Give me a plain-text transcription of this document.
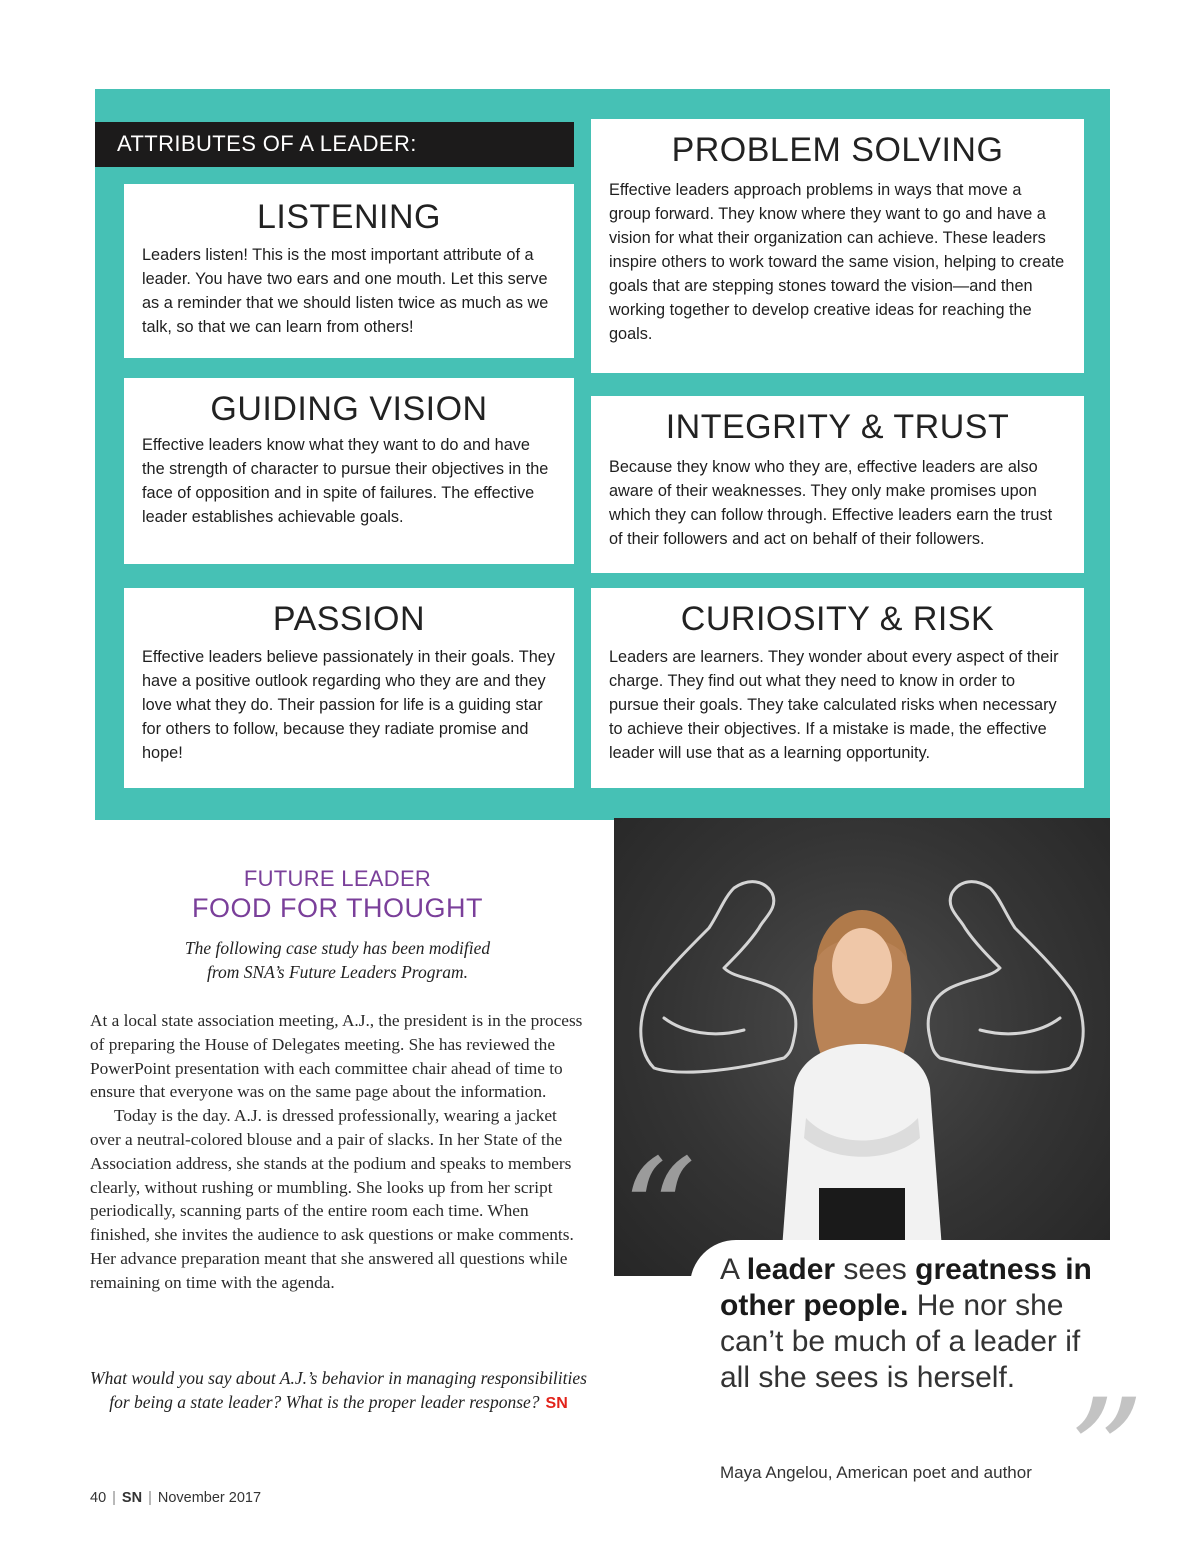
ATTRIBUTES OF A LEADER:
LISTENING

Leaders listen! This is the most important attribute of a leader. You have two ears and one mouth. Let this serve as a reminder that we should listen twice as much as we talk, so that we can learn from others!

GUIDING VISION

Effective leaders know what they want to do and have the strength of character to pursue their objectives in the face of opposition and in spite of failures. The effective leader establishes achievable goals.

PASSION

Effective leaders believe passionately in their goals. They have a positive outlook regarding who they are and they love what they do. Their passion for life is a guiding star for others to follow, because they radiate promise and hope!

PROBLEM SOLVING

Effective leaders approach problems in ways that move a group forward. They know where they want to go and have a vision for what their organization can achieve. These leaders inspire others to work toward the same vision, helping to create goals that are stepping stones toward the vision—and then working together to develop creative ideas for reaching the goals.

INTEGRITY & TRUST

Because they know who they are, effective leaders are also aware of their weaknesses. They only make promises upon which they can follow through. Effective leaders earn the trust of their followers and act on behalf of their followers.

CURIOSITY & RISK

Leaders are learners. They wonder about every aspect of their charge. They find out what they need to know in order to pursue their goals. They take calculated risks when necessary to achieve their objectives. If a mistake is made, the effective leader will use that as a learning opportunity.

FUTURE LEADER
FOOD FOR THOUGHT
The following case study has been modified
from SNA’s Future Leaders Program.

At a local state association meeting, A.J., the president is in the process of preparing the House of Delegates meeting. She has reviewed the PowerPoint presentation with each committee chair ahead of time to ensure that everyone was on the same page about the information.

Today is the day. A.J. is dressed professionally, wearing a jacket over a neutral-colored blouse and a pair of slacks. In her State of the Association address, she stands at the podium and speaks to members clearly, without rushing or mumbling. She looks up from her script periodically, scanning parts of the entire room each time. When finished, she invites the audience to ask questions or make comments. Her advance preparation meant that she answered all questions while remaining on time with the agenda.

What would you say about A.J.’s behavior in managing responsibilities for being a state leader? What is the proper leader response? SN
“ A leader sees greatness in other people. He nor she can’t be much of a leader if all she sees is herself.
Maya Angelou, American poet and author ”
40 | SN | November 2017
